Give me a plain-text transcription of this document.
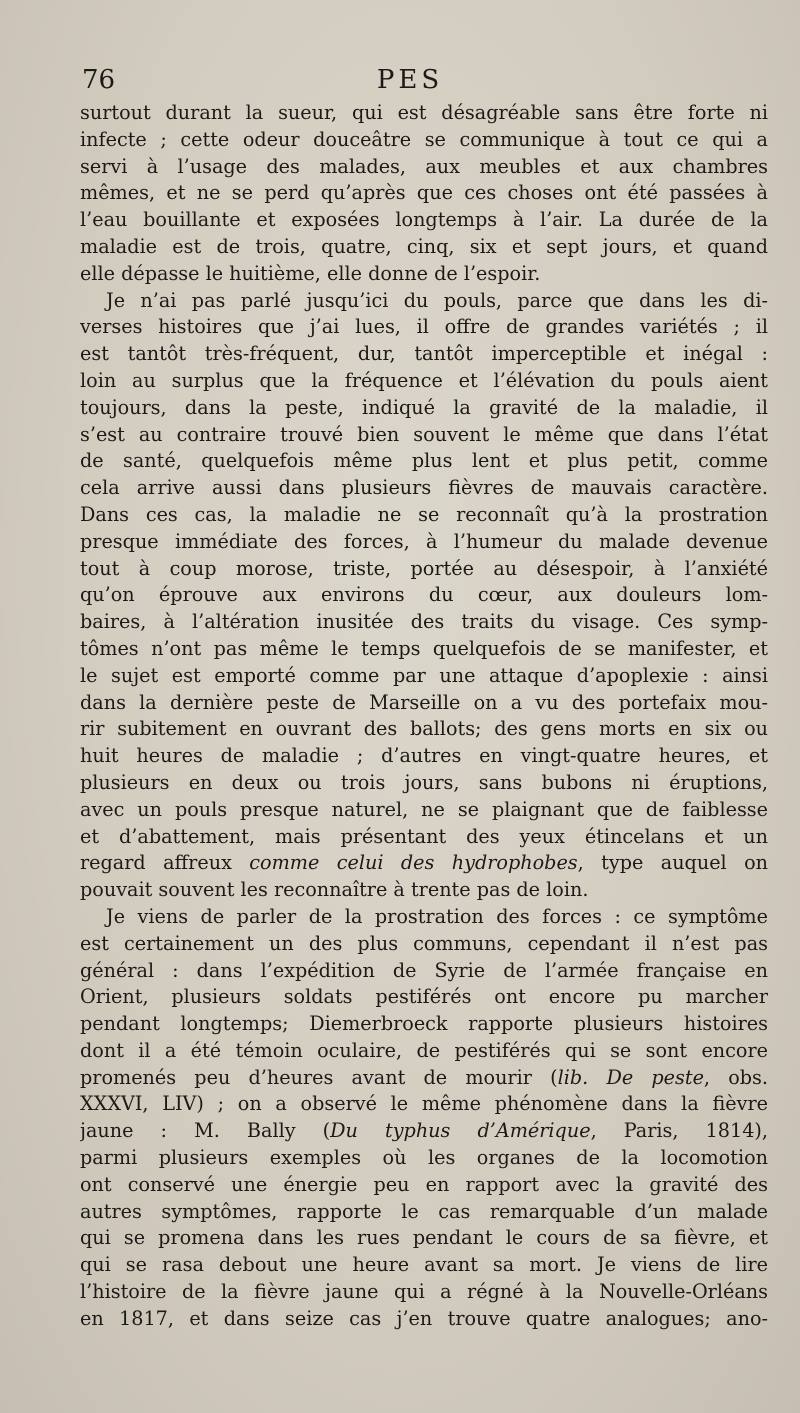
76	PES
surtout durant la sueur, qui est désagréable sans être forte ni
infecte ; cette odeur douceâtre se communique à tout ce qui a
servi à l’usage des malades, aux meubles et aux chambres
mêmes, et ne se perd qu’après que ces choses ont été passées à
l’eau bouillante et exposées longtemps à l’air. La durée de la
maladie est de trois, quatre, cinq, six et sept jours, et quand
elle dépasse le huitième, elle donne de l’espoir.
Je n’ai pas parlé jusqu’ici du pouls, parce que dans les di-
verses histoires que j’ai lues, il offre de grandes variétés ; il
est tantôt très-fréquent, dur, tantôt imperceptible et inégal :
loin au surplus que la fréquence et l’élévation du pouls aient
toujours, dans la peste, indiqué la gravité de la maladie, il
s’est au contraire trouvé bien souvent le même que dans l’état
de santé, quelquefois même plus lent et plus petit, comme
cela arrive aussi dans plusieurs fièvres de mauvais caractère.
Dans ces cas, la maladie ne se reconnaît qu’à la prostration
presque immédiate des forces, à l’humeur du malade devenue
tout à coup morose, triste, portée au désespoir, à l’anxiété
qu’on éprouve aux environs du cœur, aux douleurs lom-
baires, à l’altération inusitée des traits du visage. Ces symp-
tômes n’ont pas même le temps quelquefois de se manifester, et
le sujet est emporté comme par une attaque d’apoplexie : ainsi
dans la dernière peste de Marseille on a vu des portefaix mou-
rir subitement en ouvrant des ballots; des gens morts en six ou
huit heures de maladie ; d’autres en vingt-quatre heures, et
plusieurs en deux ou trois jours, sans bubons ni éruptions,
avec un pouls presque naturel, ne se plaignant que de faiblesse
et d’abattement, mais présentant des yeux étincelans et un
regard affreux comme celui des hydrophobes, type auquel on
pouvait souvent les reconnaître à trente pas de loin.
Je viens de parler de la prostration des forces : ce symptôme
est certainement un des plus communs, cependant il n’est pas
général : dans l’expédition de Syrie de l’armée française en
Orient, plusieurs soldats pestiférés ont encore pu marcher
pendant longtemps; Diemerbroeck rapporte plusieurs histoires
dont il a été témoin oculaire, de pestiférés qui se sont encore
promenés peu d’heures avant de mourir (lib. De peste, obs.
XXXVI, LIV) ; on a observé le même phénomène dans la fièvre
jaune : M. Bally (Du typhus d’Amérique, Paris, 1814),
parmi plusieurs exemples où les organes de la locomotion
ont conservé une énergie peu en rapport avec la gravité des
autres symptômes, rapporte le cas remarquable d’un malade
qui se promena dans les rues pendant le cours de sa fièvre, et
qui se rasa debout une heure avant sa mort. Je viens de lire
l’histoire de la fièvre jaune qui a régné à la Nouvelle-Orléans
en 1817, et dans seize cas j’en trouve quatre analogues; ano-
